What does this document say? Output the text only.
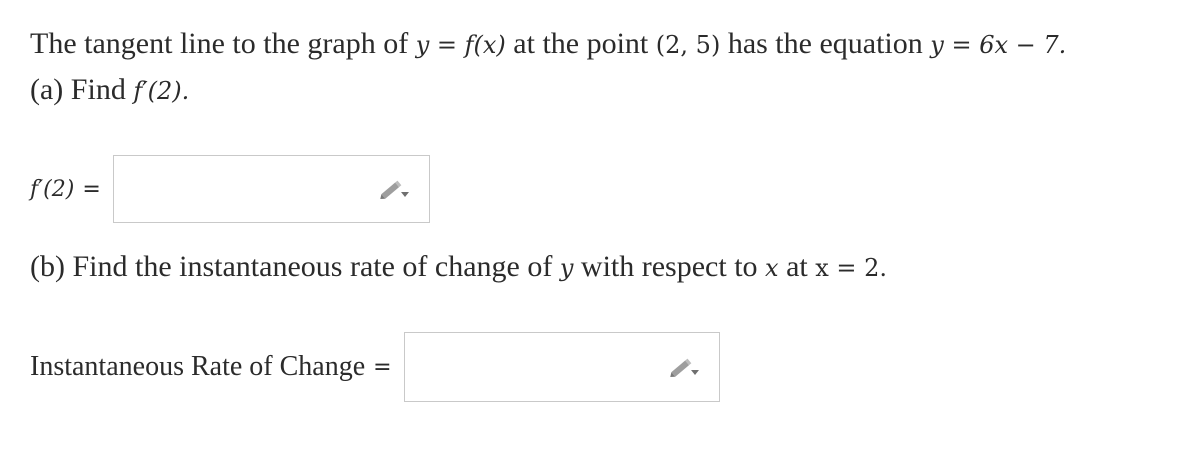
The tangent line to the graph of y = f(x) at the point (2, 5) has the equation y = 6x − 7.
(a) Find f′(2).
f′(2) =
(b) Find the instantaneous rate of change of y with respect to x at x = 2.
Instantaneous Rate of Change =
